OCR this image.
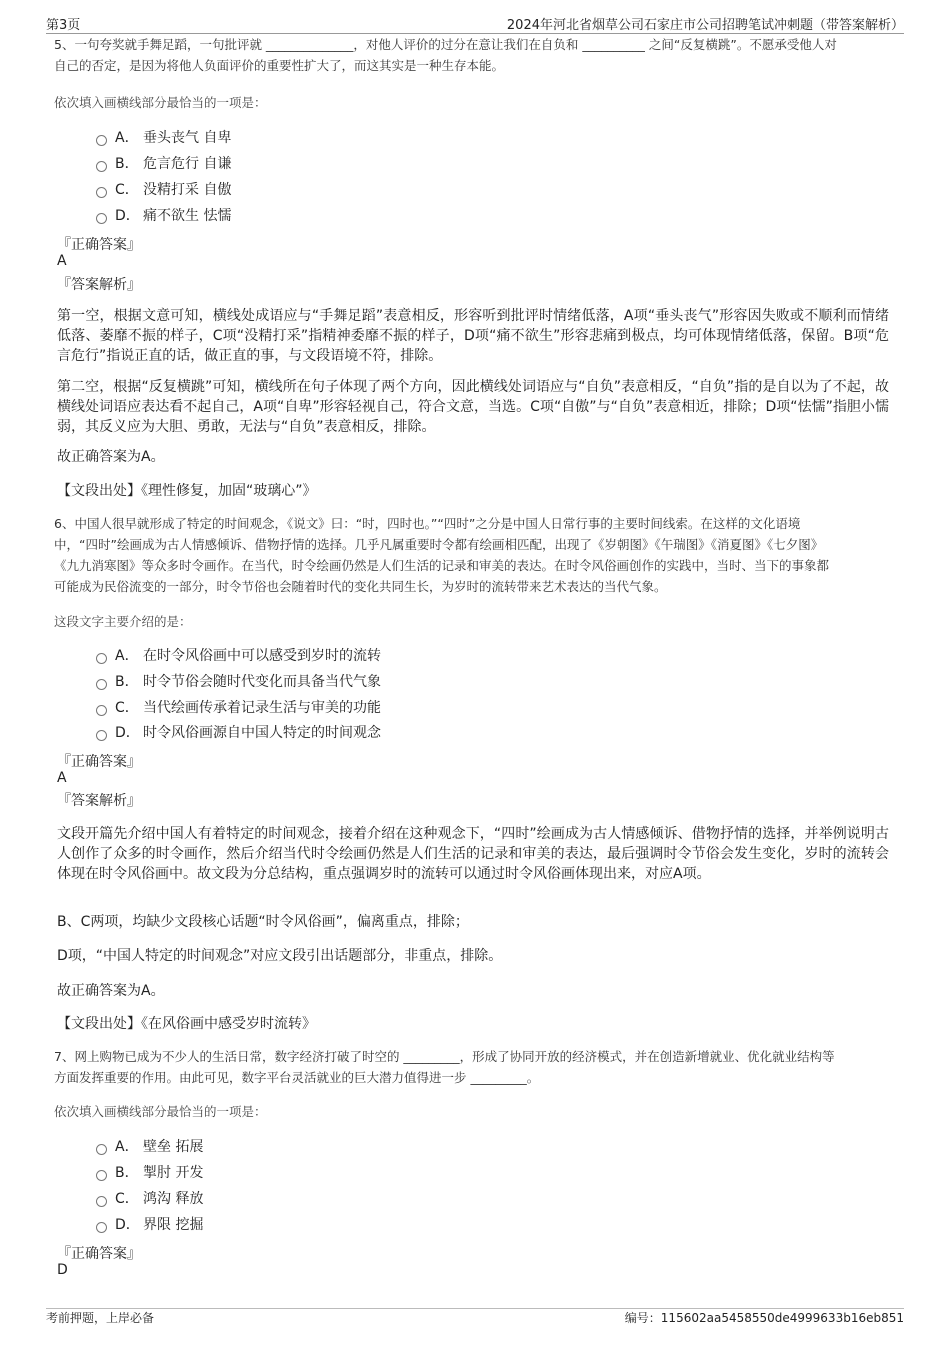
第3页	2024年河北省烟草公司石家庄市公司招聘笔试冲刺题（带答案解析）
5、一句夸奖就手舞足蹈，一句批评就 ______________，对他人评价的过分在意让我们在自负和 __________ 之间“反复横跳”。不愿承受他人对
自己的否定，是因为将他人负面评价的重要性扩大了，而这其实是一种生存本能。
依次填入画横线部分最恰当的一项是：
A． 垂头丧气 自卑
B． 危言危行 自谦
C． 没精打采 自傲
D． 痛不欲生 怯懦
『正确答案』
A
『答案解析』
第一空，根据文意可知，横线处成语应与“手舞足蹈”表意相反，形容听到批评时情绪低落，A项“垂头丧气”形容因失败或不顺利而情绪低落、萎靡不振的样子，C项“没精打采”指精神委靡不振的样子，D项“痛不欲生”形容悲痛到极点，均可体现情绪低落，保留。B项“危言危行”指说正直的话，做正直的事，与文段语境不符，排除。
第二空，根据“反复横跳”可知，横线所在句子体现了两个方向，因此横线处词语应与“自负”表意相反，“自负”指的是自以为了不起，故横线处词语应表达看不起自己，A项“自卑”形容轻视自己，符合文意，当选。C项“自傲”与“自负”表意相近，排除；D项“怯懦”指胆小懦弱，其反义应为大胆、勇敢，无法与“自负”表意相反，排除。
故正确答案为A。
【文段出处】《理性修复，加固“玻璃心”》
6、中国人很早就形成了特定的时间观念，《说文》曰：“时，四时也。”“四时”之分是中国人日常行事的主要时间线索。在这样的文化语境
中，“四时”绘画成为古人情感倾诉、借物抒情的选择。几乎凡属重要时令都有绘画相匹配，出现了《岁朝图》《午瑞图》《消夏图》《七夕图》
《九九消寒图》等众多时令画作。在当代，时令绘画仍然是人们生活的记录和审美的表达。在时令风俗画创作的实践中，当时、当下的事象都
可能成为民俗流变的一部分，时令节俗也会随着时代的变化共同生长，为岁时的流转带来艺术表达的当代气象。
这段文字主要介绍的是：
A． 在时令风俗画中可以感受到岁时的流转
B． 时令节俗会随时代变化而具备当代气象
C． 当代绘画传承着记录生活与审美的功能
D． 时令风俗画源自中国人特定的时间观念
『正确答案』
A
『答案解析』
文段开篇先介绍中国人有着特定的时间观念，接着介绍在这种观念下，“四时”绘画成为古人情感倾诉、借物抒情的选择，并举例说明古人创作了众多的时令画作，然后介绍当代时令绘画仍然是人们生活的记录和审美的表达，最后强调时令节俗会发生变化，岁时的流转会体现在时令风俗画中。故文段为分总结构，重点强调岁时的流转可以通过时令风俗画体现出来，对应A项。
B、C两项，均缺少文段核心话题“时令风俗画”，偏离重点，排除；
D项，“中国人特定的时间观念”对应文段引出话题部分，非重点，排除。
故正确答案为A。
【文段出处】《在风俗画中感受岁时流转》
7、网上购物已成为不少人的生活日常，数字经济打破了时空的 _________，形成了协同开放的经济模式，并在创造新增就业、优化就业结构等
方面发挥重要的作用。由此可见，数字平台灵活就业的巨大潜力值得进一步 _________。
依次填入画横线部分最恰当的一项是：
A． 壁垒 拓展
B． 掣肘 开发
C． 鸿沟 释放
D． 界限 挖掘
『正确答案』
D
考前押题，上岸必备	编号：115602aa5458550de4999633b16eb851
